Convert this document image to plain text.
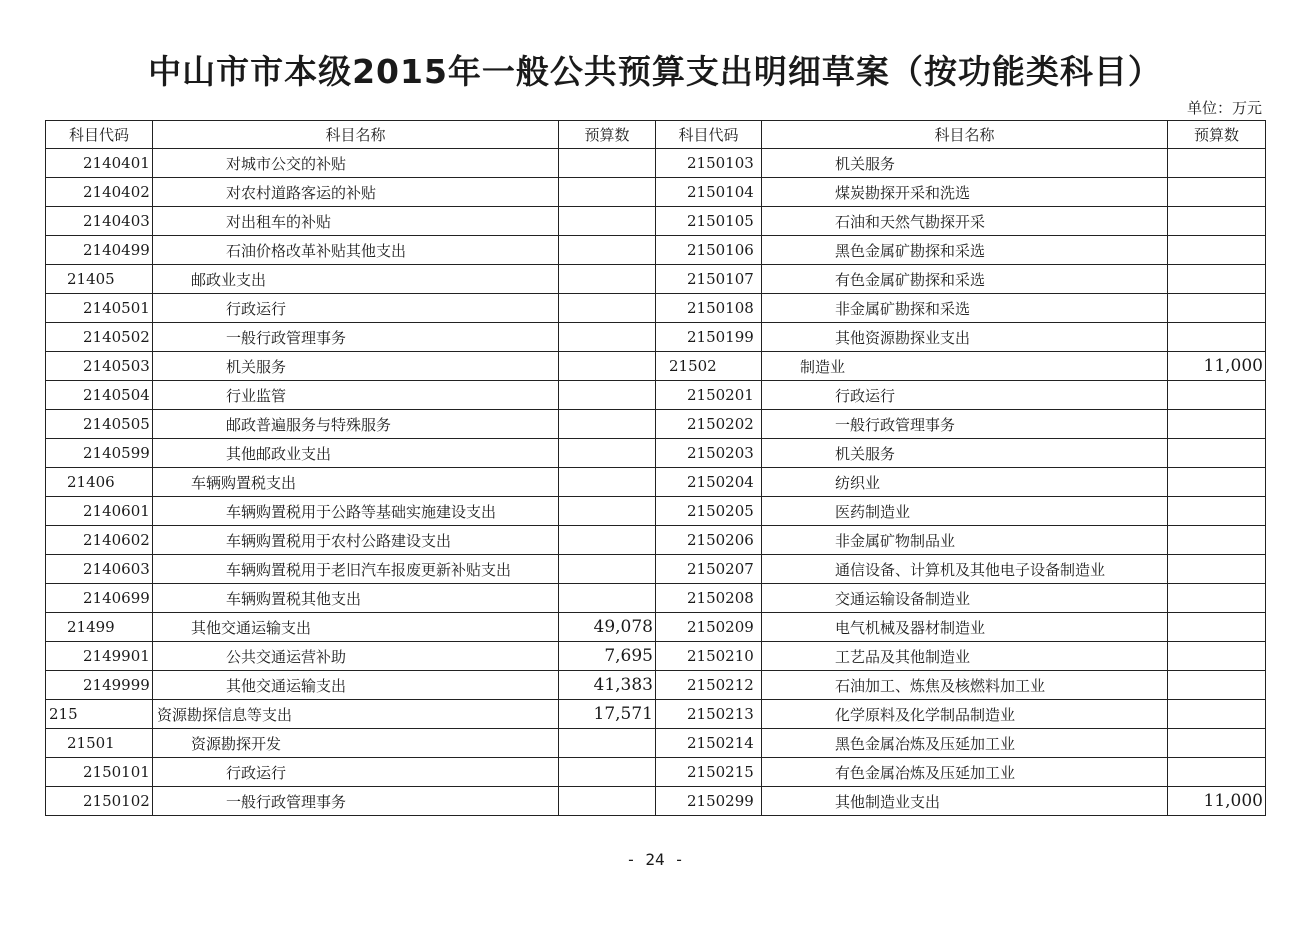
中山市市本级2015年一般公共预算支出明细草案（按功能类科目）
单位：万元
科目代码	科目名称	预算数	科目代码	科目名称	预算数
2140401	对城市公交的补贴		2150103	机关服务	
2140402	对农村道路客运的补贴		2150104	煤炭勘探开采和洗选	
2140403	对出租车的补贴		2150105	石油和天然气勘探开采	
2140499	石油价格改革补贴其他支出		2150106	黑色金属矿勘探和采选	
21405	邮政业支出		2150107	有色金属矿勘探和采选	
2140501	行政运行		2150108	非金属矿勘探和采选	
2140502	一般行政管理事务		2150199	其他资源勘探业支出	
2140503	机关服务		21502	制造业	11,000
2140504	行业监管		2150201	行政运行	
2140505	邮政普遍服务与特殊服务		2150202	一般行政管理事务	
2140599	其他邮政业支出		2150203	机关服务	
21406	车辆购置税支出		2150204	纺织业	
2140601	车辆购置税用于公路等基础实施建设支出		2150205	医药制造业	
2140602	车辆购置税用于农村公路建设支出		2150206	非金属矿物制品业	
2140603	车辆购置税用于老旧汽车报废更新补贴支出		2150207	通信设备、计算机及其他电子设备制造业	
2140699	车辆购置税其他支出		2150208	交通运输设备制造业	
21499	其他交通运输支出	49,078	2150209	电气机械及器材制造业	
2149901	公共交通运营补助	7,695	2150210	工艺品及其他制造业	
2149999	其他交通运输支出	41,383	2150212	石油加工、炼焦及核燃料加工业	
215	资源勘探信息等支出	17,571	2150213	化学原料及化学制品制造业	
21501	资源勘探开发		2150214	黑色金属冶炼及压延加工业	
2150101	行政运行		2150215	有色金属冶炼及压延加工业	
2150102	一般行政管理事务		2150299	其他制造业支出	11,000
- 24 -
